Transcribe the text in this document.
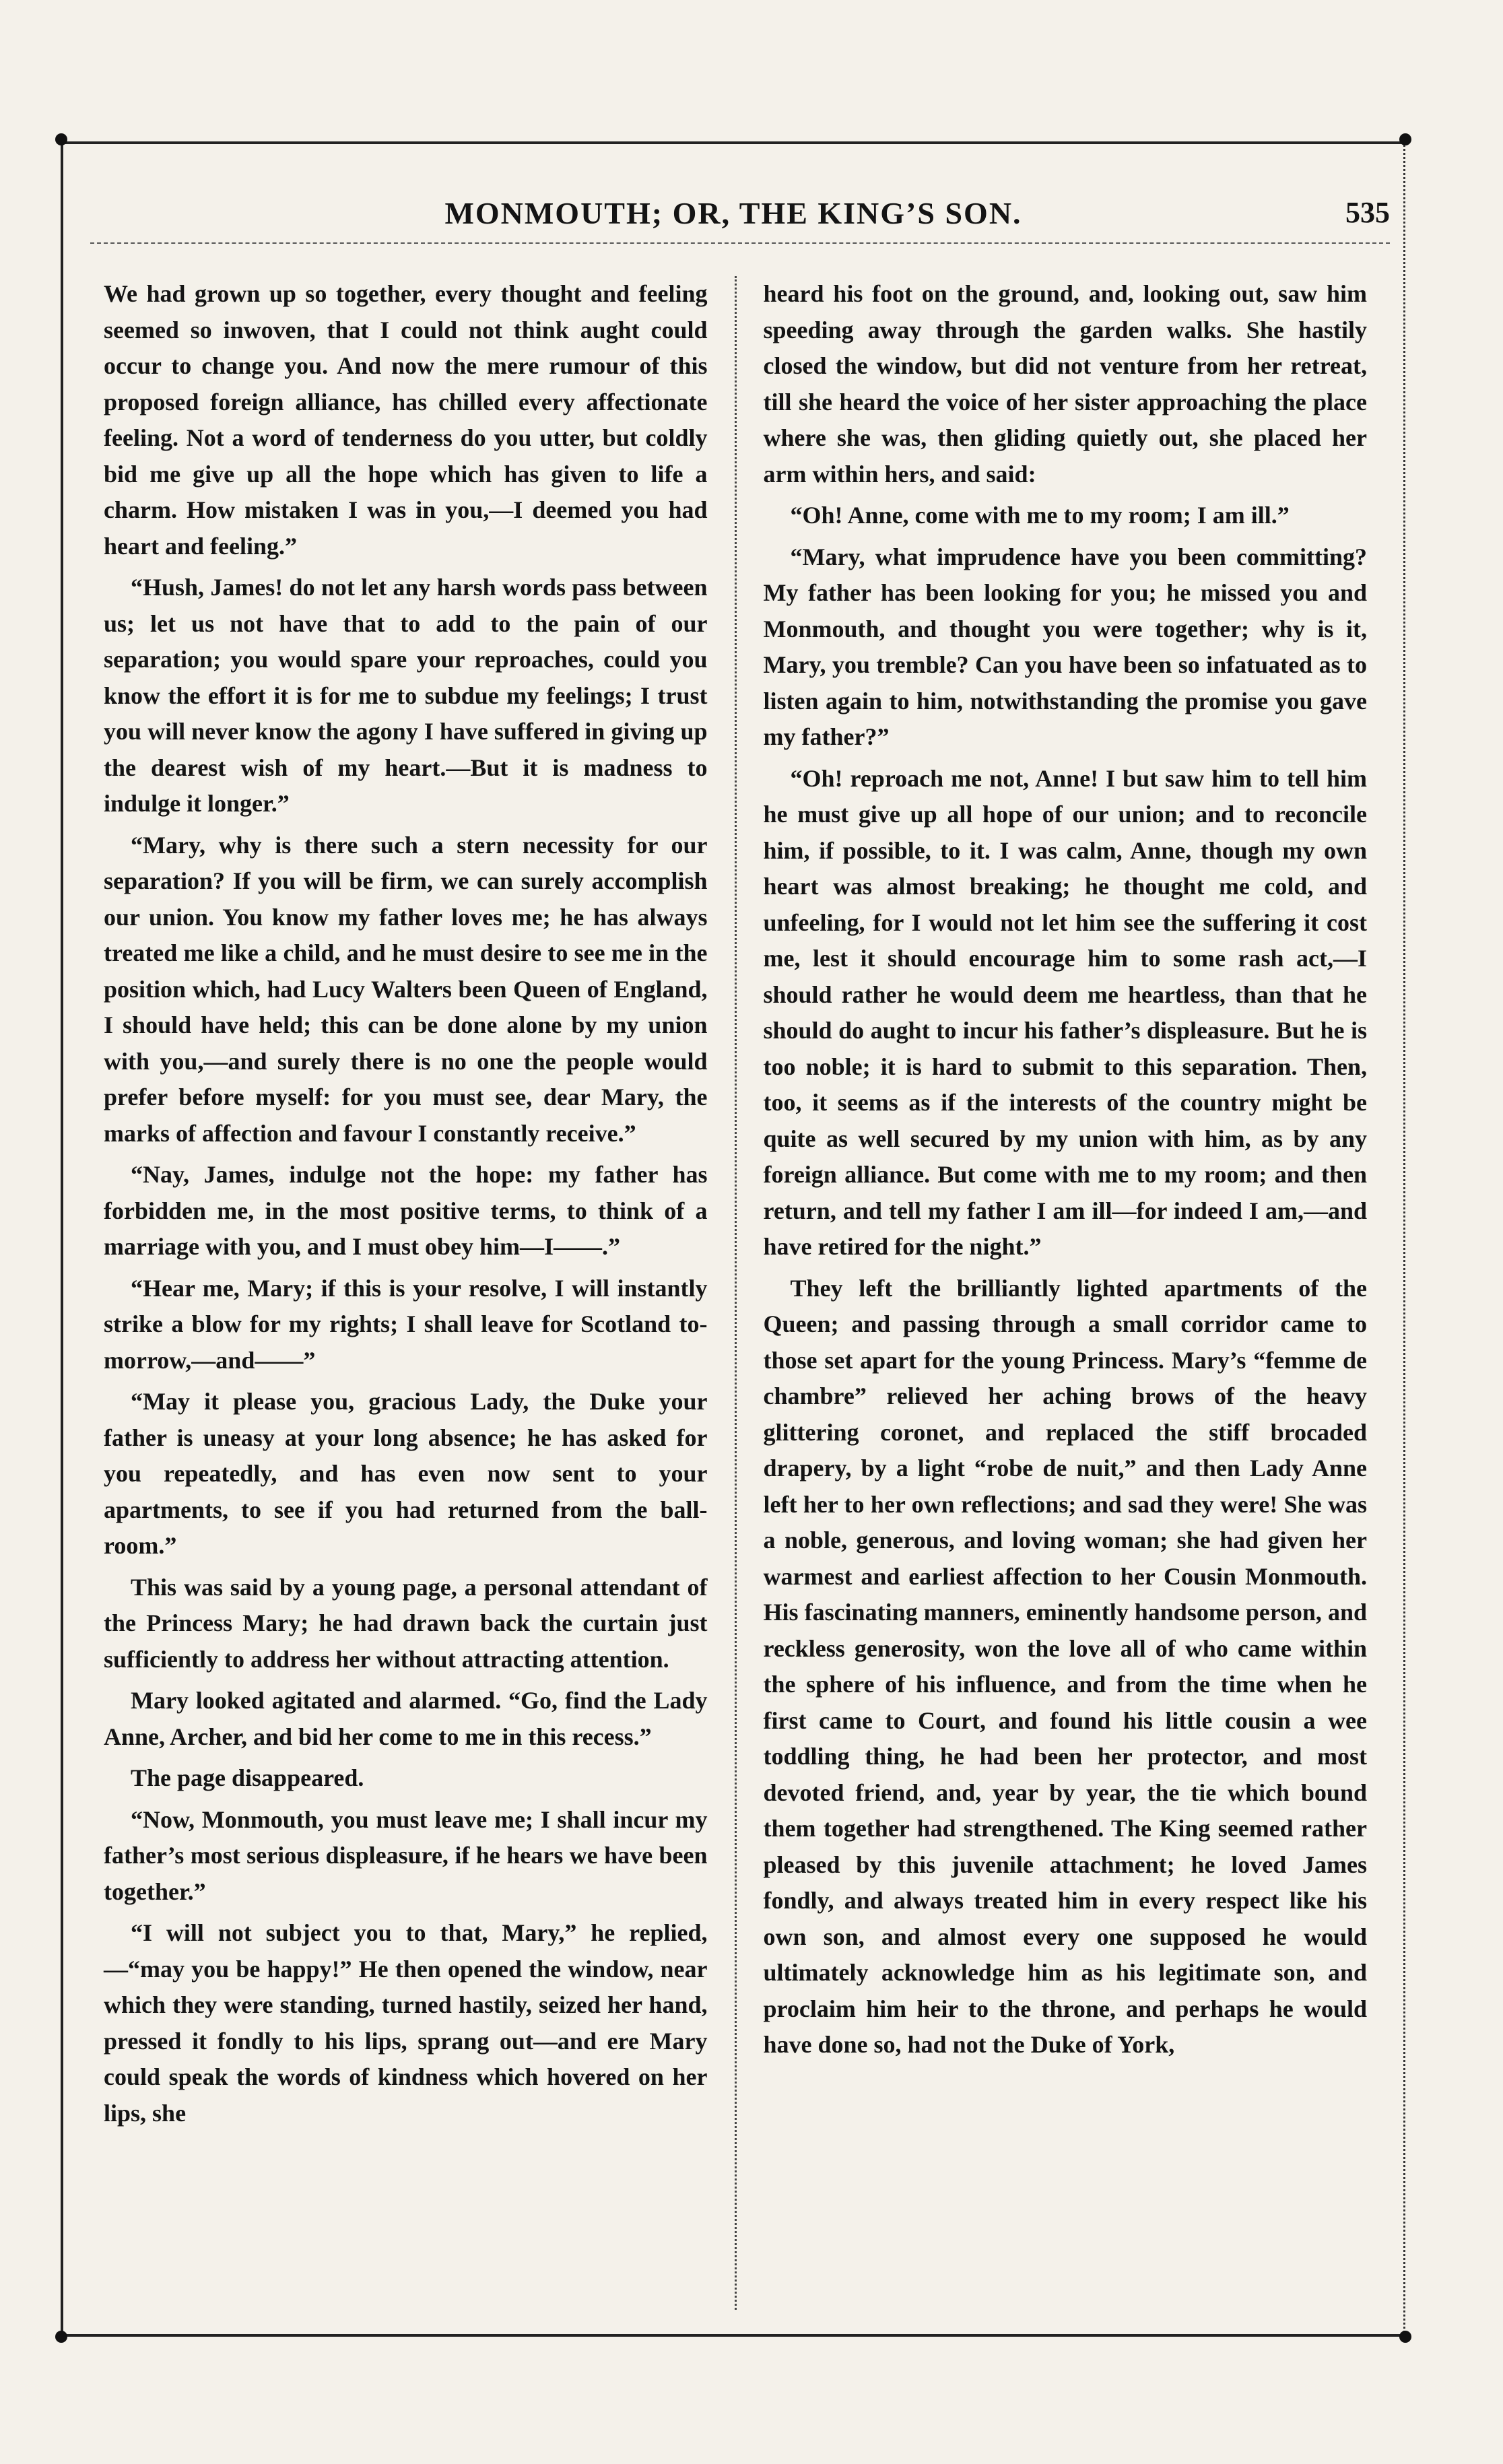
MONMOUTH; OR, THE KING’S SON.	535

We had grown up so together, every thought and feeling seemed so inwoven, that I could not think aught could occur to change you. And now the mere rumour of this proposed foreign alliance, has chilled every affectionate feeling. Not a word of tenderness do you utter, but coldly bid me give up all the hope which has given to life a charm. How mistaken I was in you,—I deemed you had heart and feeling.”

“Hush, James! do not let any harsh words pass between us; let us not have that to add to the pain of our separation; you would spare your reproaches, could you know the effort it is for me to subdue my feelings; I trust you will never know the agony I have suffered in giving up the dearest wish of my heart.—But it is madness to indulge it longer.”

“Mary, why is there such a stern necessity for our separation? If you will be firm, we can surely accomplish our union. You know my father loves me; he has always treated me like a child, and he must desire to see me in the position which, had Lucy Walters been Queen of England, I should have held; this can be done alone by my union with you,—and surely there is no one the people would prefer before myself: for you must see, dear Mary, the marks of affection and favour I constantly receive.”

“Nay, James, indulge not the hope: my father has forbidden me, in the most positive terms, to think of a marriage with you, and I must obey him—I——.”

“Hear me, Mary; if this is your resolve, I will instantly strike a blow for my rights; I shall leave for Scotland to-morrow,—and——”

“May it please you, gracious Lady, the Duke your father is uneasy at your long absence; he has asked for you repeatedly, and has even now sent to your apartments, to see if you had returned from the ball-room.”

This was said by a young page, a personal attendant of the Princess Mary; he had drawn back the curtain just sufficiently to address her without attracting attention.

Mary looked agitated and alarmed. “Go, find the Lady Anne, Archer, and bid her come to me in this recess.”

The page disappeared.

“Now, Monmouth, you must leave me; I shall incur my father’s most serious displeasure, if he hears we have been together.”

“I will not subject you to that, Mary,” he replied,—“may you be happy!” He then opened the window, near which they were standing, turned hastily, seized her hand, pressed it fondly to his lips, sprang out—and ere Mary could speak the words of kindness which hovered on her lips, she

heard his foot on the ground, and, looking out, saw him speeding away through the garden walks. She hastily closed the window, but did not venture from her retreat, till she heard the voice of her sister approaching the place where she was, then gliding quietly out, she placed her arm within hers, and said:

“Oh! Anne, come with me to my room; I am ill.”

“Mary, what imprudence have you been committing? My father has been looking for you; he missed you and Monmouth, and thought you were together; why is it, Mary, you tremble? Can you have been so infatuated as to listen again to him, notwithstanding the promise you gave my father?”

“Oh! reproach me not, Anne! I but saw him to tell him he must give up all hope of our union; and to reconcile him, if possible, to it. I was calm, Anne, though my own heart was almost breaking; he thought me cold, and unfeeling, for I would not let him see the suffering it cost me, lest it should encourage him to some rash act,—I should rather he would deem me heartless, than that he should do aught to incur his father’s displeasure. But he is too noble; it is hard to submit to this separation. Then, too, it seems as if the interests of the country might be quite as well secured by my union with him, as by any foreign alliance. But come with me to my room; and then return, and tell my father I am ill—for indeed I am,—and have retired for the night.”

They left the brilliantly lighted apartments of the Queen; and passing through a small corridor came to those set apart for the young Princess. Mary’s “femme de chambre” relieved her aching brows of the heavy glittering coronet, and replaced the stiff brocaded drapery, by a light “robe de nuit,” and then Lady Anne left her to her own reflections; and sad they were! She was a noble, generous, and loving woman; she had given her warmest and earliest affection to her Cousin Monmouth. His fascinating manners, eminently handsome person, and reckless generosity, won the love all of who came within the sphere of his influence, and from the time when he first came to Court, and found his little cousin a wee toddling thing, he had been her protector, and most devoted friend, and, year by year, the tie which bound them together had strengthened. The King seemed rather pleased by this juvenile attachment; he loved James fondly, and always treated him in every respect like his own son, and almost every one supposed he would ultimately acknowledge him as his legitimate son, and proclaim him heir to the throne, and perhaps he would have done so, had not the Duke of York,
